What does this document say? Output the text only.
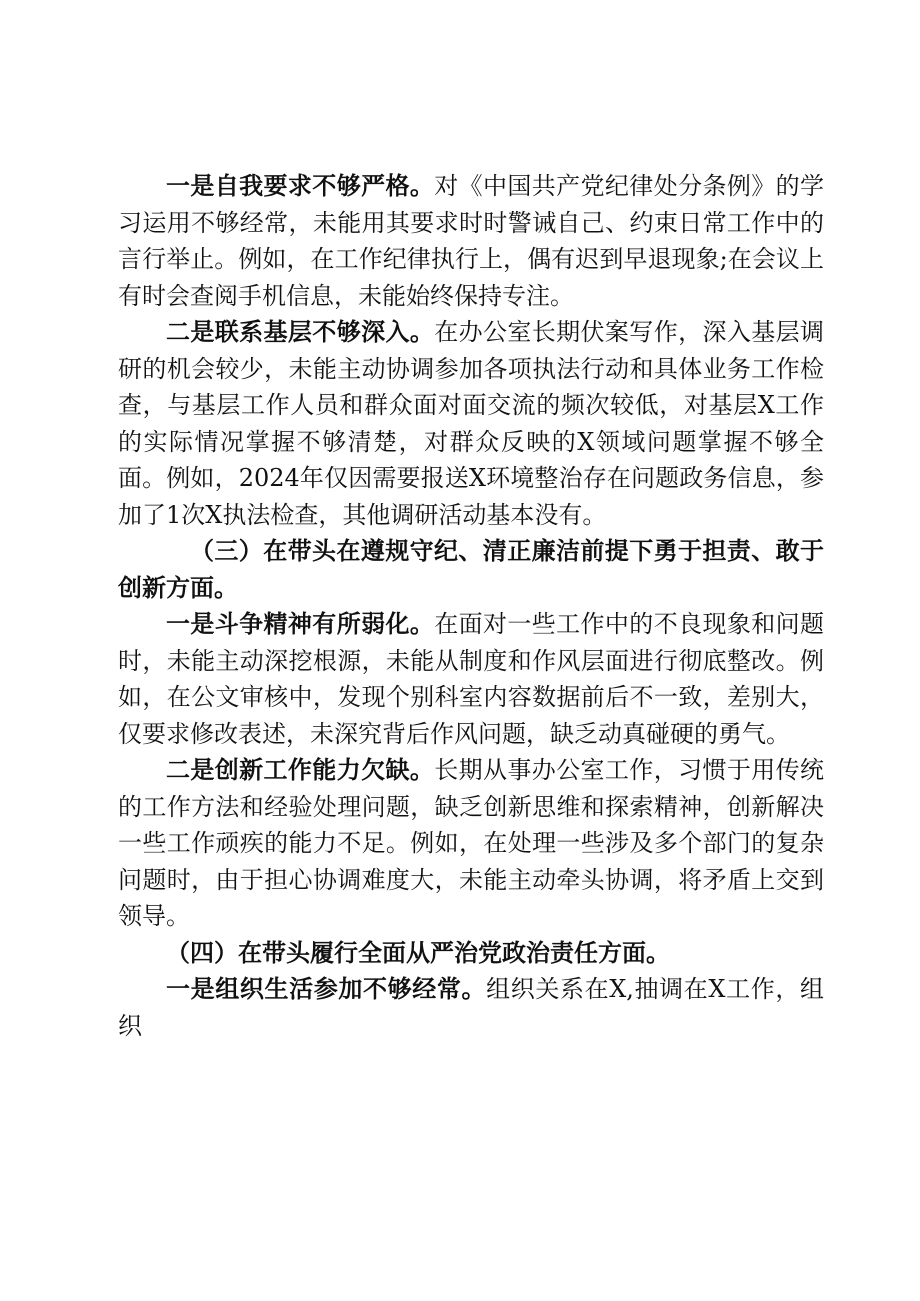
一是自我要求不够严格。对《中国共产党纪律处分条例》的学习运用不够经常，未能用其要求时时警诫自己、约束日常工作中的言行举止。例如，在工作纪律执行上，偶有迟到早退现象;在会议上有时会查阅手机信息，未能始终保持专注。

二是联系基层不够深入。在办公室长期伏案写作，深入基层调研的机会较少，未能主动协调参加各项执法行动和具体业务工作检查，与基层工作人员和群众面对面交流的频次较低，对基层X工作的实际情况掌握不够清楚，对群众反映的X领域问题掌握不够全面。例如，2024年仅因需要报送X环境整治存在问题政务信息，参加了1次X执法检查，其他调研活动基本没有。

（三）在带头在遵规守纪、清正廉洁前提下勇于担责、敢于创新方面。

一是斗争精神有所弱化。在面对一些工作中的不良现象和问题时，未能主动深挖根源，未能从制度和作风层面进行彻底整改。例如，在公文审核中，发现个别科室内容数据前后不一致，差别大，仅要求修改表述，未深究背后作风问题，缺乏动真碰硬的勇气。

二是创新工作能力欠缺。长期从事办公室工作，习惯于用传统的工作方法和经验处理问题，缺乏创新思维和探索精神，创新解决一些工作顽疾的能力不足。例如，在处理一些涉及多个部门的复杂问题时，由于担心协调难度大，未能主动牵头协调，将矛盾上交到领导。

（四）在带头履行全面从严治党政治责任方面。

一是组织生活参加不够经常。组织关系在X,抽调在X工作，组织
